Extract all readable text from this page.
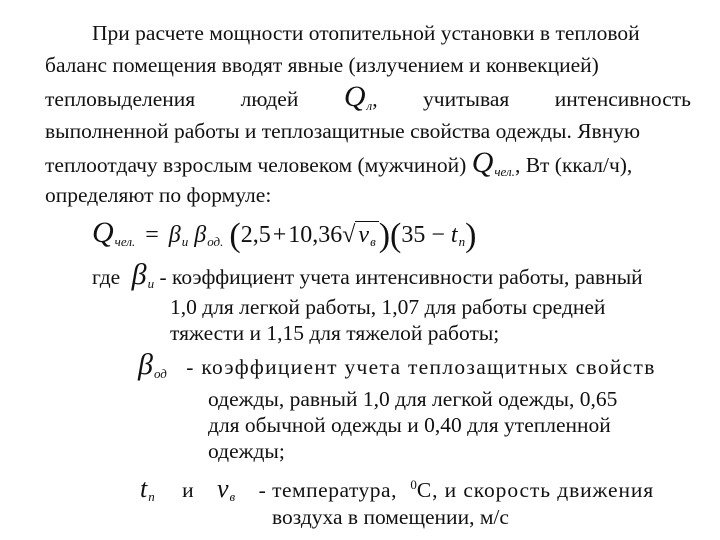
При расчете мощности отопительной установки в тепловой
баланс помещения вводят явные (излучением и конвекцией)
тепловыделения людей $Q_л$, учитывая интенсивность
выполненной работы и теплозащитные свойства одежды. Явную
теплоотдачу взрослым человеком (мужчиной) $Q_{чел.}$, Вт (ккал/ч),
определяют по формуле:
$Q_{чел.} = \beta_и$ $\beta_{од.}$ (2,5+10,36√ $v_в)(35 - t_п)$
где $\beta_и$ - коэффициент учета интенсивности работы, равный
1,0 для легкой работы, 1,07 для работы средней
тяжести и 1,15 для тяжелой работы;
$\beta_{од}$ - коэффициент учета теплозащитных свойств
одежды, равный 1,0 для легкой одежды, 0,65
для обычной одежды и 0,40 для утепленной
одежды;
$t_п$ и $v_в$ - температура, $^0$С, и скорость движения
воздуха в помещении, м/с
